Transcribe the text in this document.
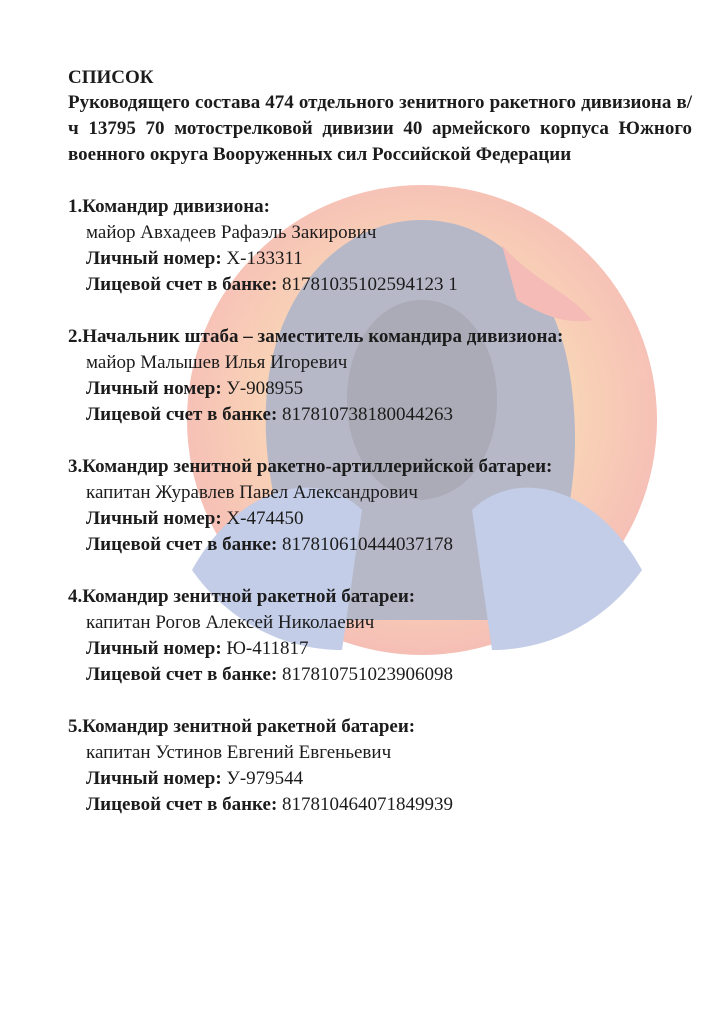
СПИСОК
Руководящего состава 474 отдельного зенитного ракетного дивизиона в/ч 13795 70 мотострелковой дивизии 40 армейского корпуса Южного военного округа Вооруженных сил Российской Федерации
1.Командир дивизиона:
майор Авхадеев Рафаэль Закирович
Личный номер: Х-133311
Лицевой счет в банке: 81781035102594123 1
2.Начальник штаба – заместитель командира дивизиона:
майор Малышев Илья Игоревич
Личный номер: У-908955
Лицевой счет в банке: 817810738180044263
3.Командир зенитной ракетно-артиллерийской батареи:
капитан Журавлев Павел Александрович
Личный номер: Х-474450
Лицевой счет в банке: 817810610444037178
4.Командир зенитной ракетной батареи:
капитан Рогов Алексей Николаевич
Личный номер: Ю-411817
Лицевой счет в банке: 817810751023906098
5.Командир зенитной ракетной батареи:
капитан Устинов Евгений Евгеньевич
Личный номер: У-979544
Лицевой счет в банке: 817810464071849939
